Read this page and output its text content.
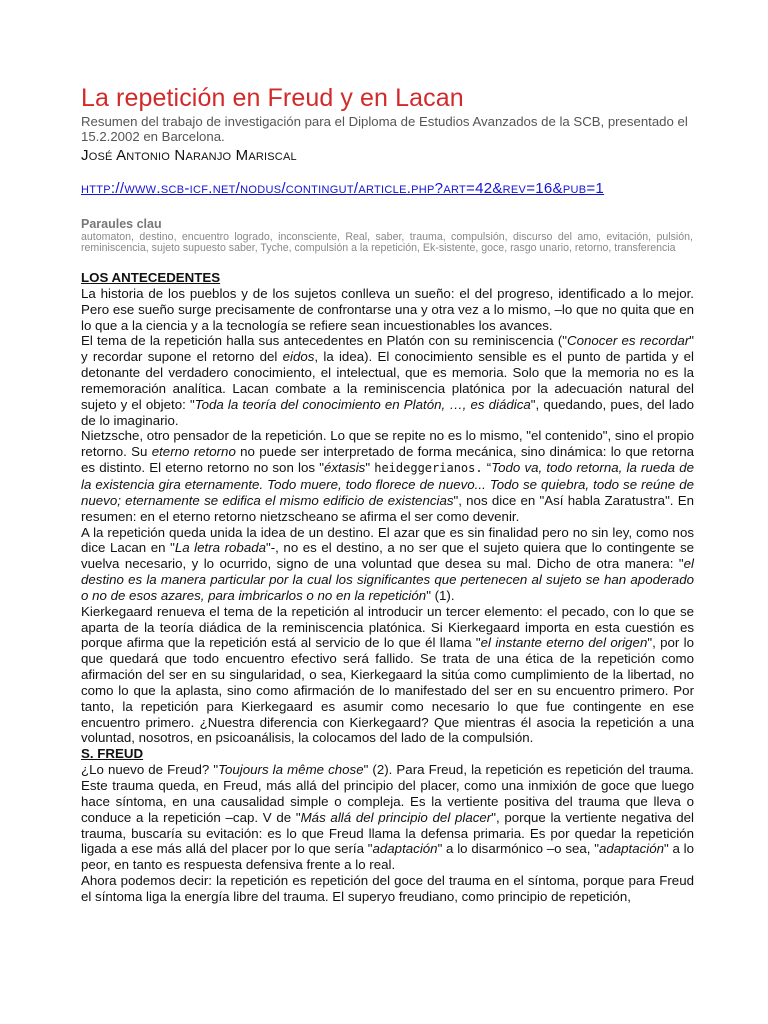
La repetición en Freud y en Lacan
Resumen del trabajo de investigación para el Diploma de Estudios Avanzados de la SCB, presentado el 15.2.2002 en Barcelona.
José Antonio Naranjo Mariscal
http://www.scb-icf.net/nodus/contingut/article.php?art=42&rev=16&pub=1
Paraules clau
automaton, destino, encuentro logrado, inconsciente, Real, saber, trauma, compulsión, discurso del amo, evitación, pulsión, reminiscencia, sujeto supuesto saber, Tyche, compulsión a la repetición, Ek-sistente, goce, rasgo unario, retorno, transferencia
LOS ANTECEDENTES

La historia de los pueblos y de los sujetos conlleva un sueño: el del progreso, identificado a lo mejor. Pero ese sueño surge precisamente de confrontarse una y otra vez a lo mismo, –lo que no quita que en lo que a la ciencia y a la tecnología se refiere sean incuestionables los avances.

El tema de la repetición halla sus antecedentes en Platón con su reminiscencia ("Conocer es recordar" y recordar supone el retorno del eidos, la idea). El conocimiento sensible es el punto de partida y el detonante del verdadero conocimiento, el intelectual, que es memoria. Solo que la memoria no es la rememoración analítica. Lacan combate a la reminiscencia platónica por la adecuación natural del sujeto y el objeto: "Toda la teoría del conocimiento en Platón, …, es diádica", quedando, pues, del lado de lo imaginario.

Nietzsche, otro pensador de la repetición. Lo que se repite no es lo mismo, "el contenido", sino el propio retorno. Su eterno retorno no puede ser interpretado de forma mecánica, sino dinámica: lo que retorna es distinto. El eterno retorno no son los "éxtasis" heideggerianos. “Todo va, todo retorna, la rueda de la existencia gira eternamente. Todo muere, todo florece de nuevo... Todo se quiebra, todo se reúne de nuevo; eternamente se edifica el mismo edificio de existencias", nos dice en "Así habla Zaratustra". En resumen: en el eterno retorno nietzscheano se afirma el ser como devenir.

A la repetición queda unida la idea de un destino. El azar que es sin finalidad pero no sin ley, como nos dice Lacan en "La letra robada"-, no es el destino, a no ser que el sujeto quiera que lo contingente se vuelva necesario, y lo ocurrido, signo de una voluntad que desea su mal. Dicho de otra manera: "el destino es la manera particular por la cual los significantes que pertenecen al sujeto se han apoderado o no de esos azares, para imbricarlos o no en la repetición" (1).

Kierkegaard renueva el tema de la repetición al introducir un tercer elemento: el pecado, con lo que se aparta de la teoría diádica de la reminiscencia platónica. Si Kierkegaard importa en esta cuestión es porque afirma que la repetición está al servicio de lo que él llama "el instante eterno del origen", por lo que quedará que todo encuentro efectivo será fallido. Se trata de una ética de la repetición como afirmación del ser en su singularidad, o sea, Kierkegaard la sitúa como cumplimiento de la libertad, no como lo que la aplasta, sino como afirmación de lo manifestado del ser en su encuentro primero. Por tanto, la repetición para Kierkegaard es asumir como necesario lo que fue contingente en ese encuentro primero. ¿Nuestra diferencia con Kierkegaard? Que mientras él asocia la repetición a una voluntad, nosotros, en psicoanálisis, la colocamos del lado de la compulsión.

S. FREUD

¿Lo nuevo de Freud? "Toujours la même chose" (2). Para Freud, la repetición es repetición del trauma. Este trauma queda, en Freud, más allá del principio del placer, como una inmixión de goce que luego hace síntoma, en una causalidad simple o compleja. Es la vertiente positiva del trauma que lleva o conduce a la repetición –cap. V de "Más allá del principio del placer", porque la vertiente negativa del trauma, buscaría su evitación: es lo que Freud llama la defensa primaria. Es por quedar la repetición ligada a ese más allá del placer por lo que sería "adaptación" a lo disarmónico –o sea, "adaptación" a lo peor, en tanto es respuesta defensiva frente a lo real.

Ahora podemos decir: la repetición es repetición del goce del trauma en el síntoma, porque para Freud el síntoma liga la energía libre del trauma. El superyo freudiano, como principio de repetición,
